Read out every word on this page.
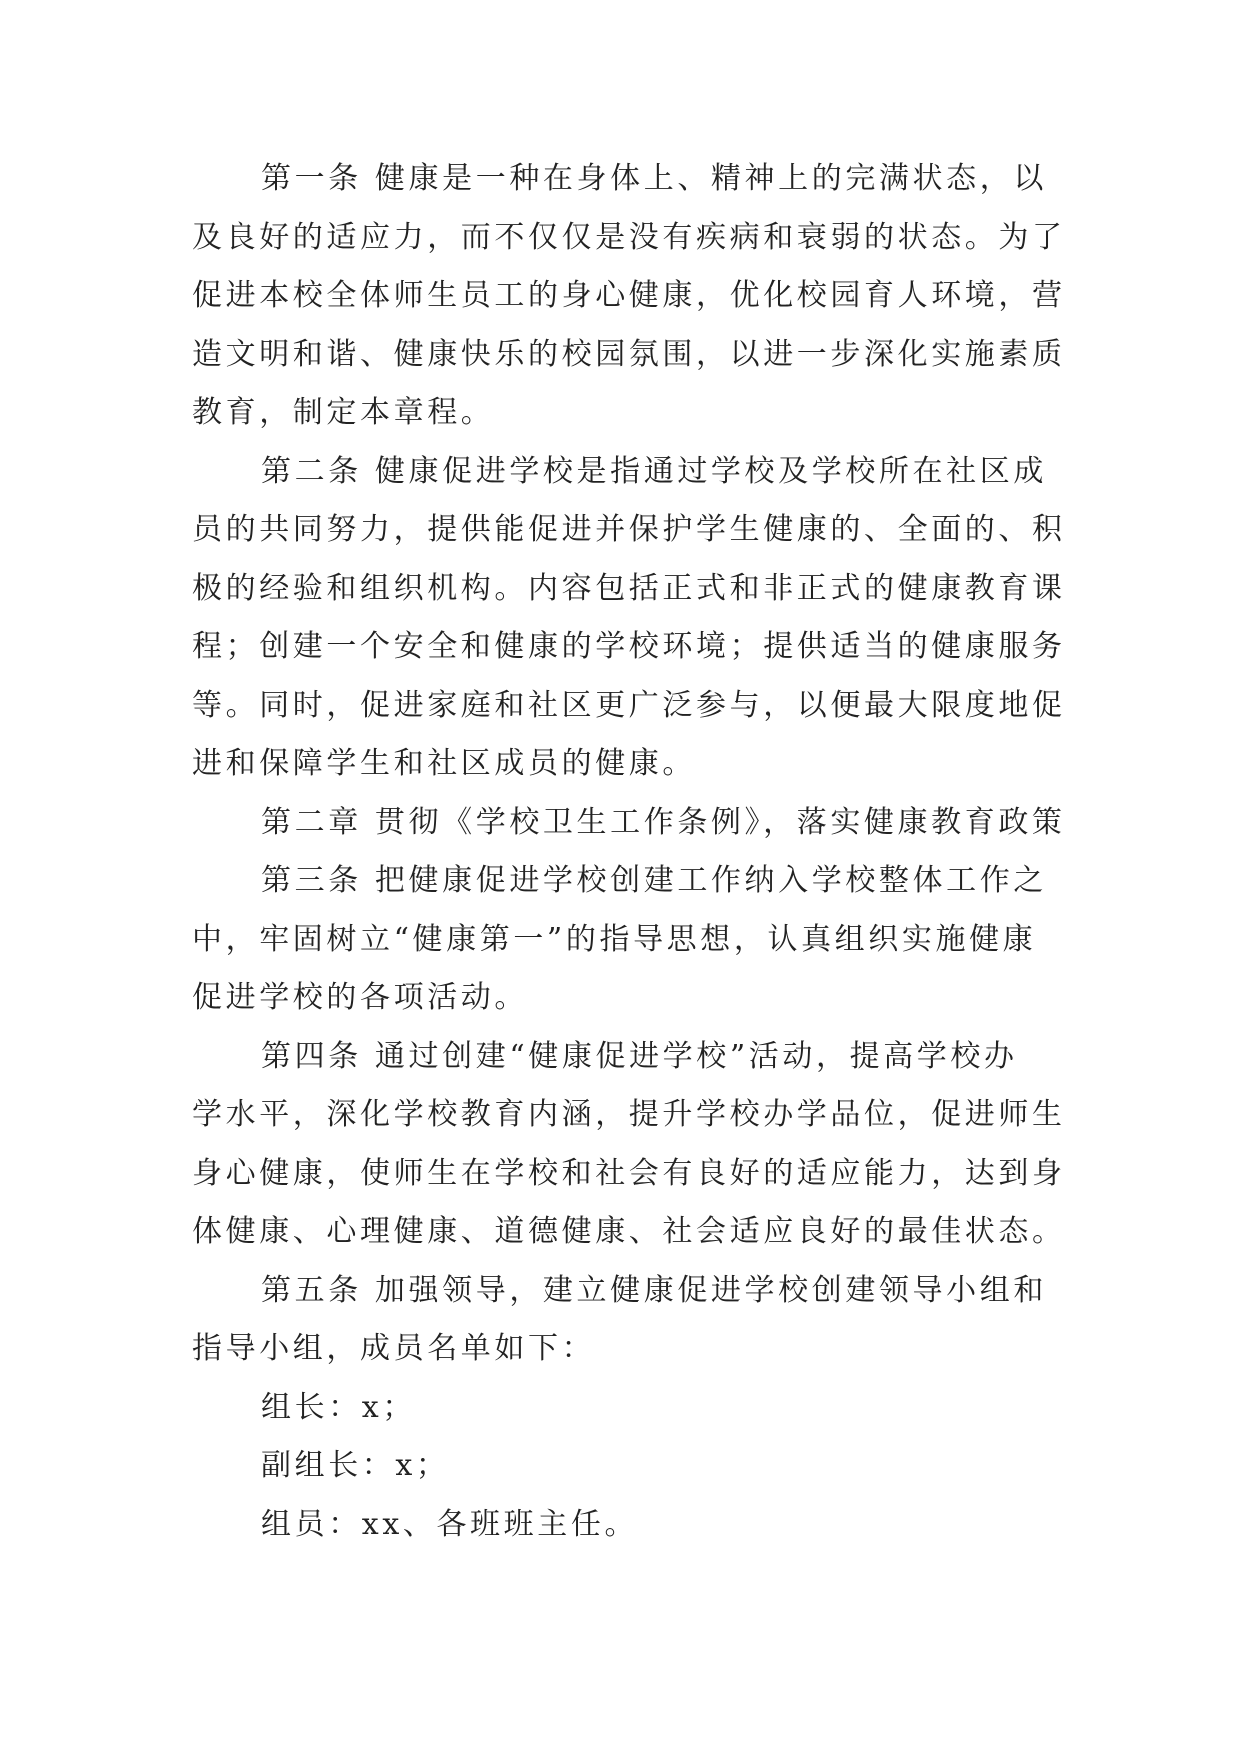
第一条 健康是一种在身体上、精神上的完满状态，以
及良好的适应力，而不仅仅是没有疾病和衰弱的状态。为了
促进本校全体师生员工的身心健康，优化校园育人环境，营
造文明和谐、健康快乐的校园氛围，以进一步深化实施素质
教育，制定本章程。

第二条 健康促进学校是指通过学校及学校所在社区成
员的共同努力，提供能促进并保护学生健康的、全面的、积
极的经验和组织机构。内容包括正式和非正式的健康教育课
程；创建一个安全和健康的学校环境；提供适当的健康服务
等。同时，促进家庭和社区更广泛参与，以便最大限度地促
进和保障学生和社区成员的健康。

第二章 贯彻《学校卫生工作条例》，落实健康教育政策

第三条 把健康促进学校创建工作纳入学校整体工作之
中，牢固树立“健康第一”的指导思想，认真组织实施健康
促进学校的各项活动。

第四条 通过创建“健康促进学校”活动，提高学校办
学水平，深化学校教育内涵，提升学校办学品位，促进师生
身心健康，使师生在学校和社会有良好的适应能力，达到身
体健康、心理健康、道德健康、社会适应良好的最佳状态。

第五条 加强领导，建立健康促进学校创建领导小组和
指导小组，成员名单如下：

组长：x；

副组长：x；

组员：xx、各班班主任。
